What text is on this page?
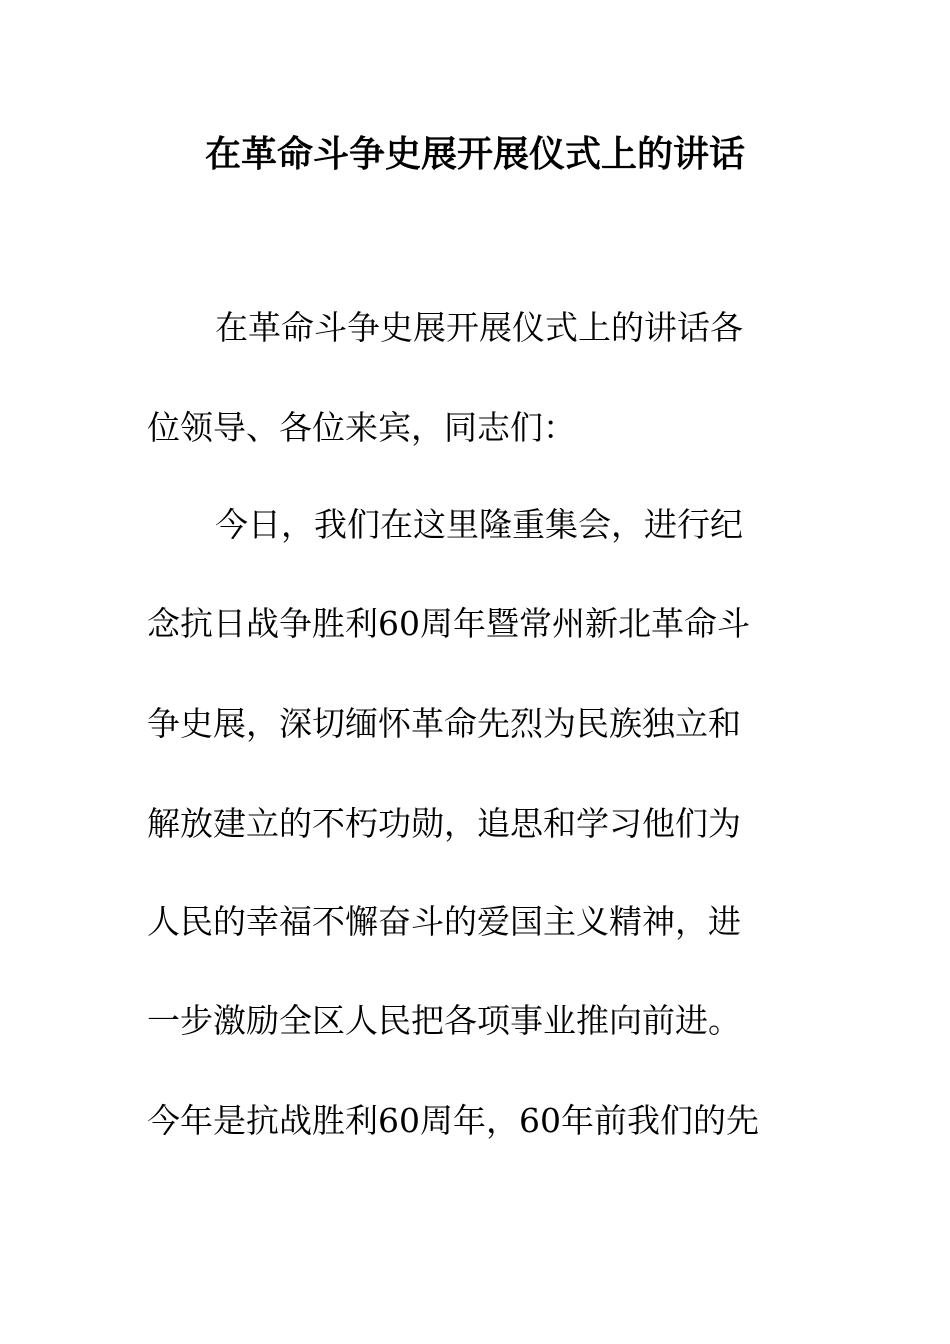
在革命斗争史展开展仪式上的讲话
在革命斗争史展开展仪式上的讲话各
位领导、各位来宾，同志们：
今日，我们在这里隆重集会，进行纪
念抗日战争胜利60周年暨常州新北革命斗
争史展，深切缅怀革命先烈为民族独立和
解放建立的不朽功勋，追思和学习他们为
人民的幸福不懈奋斗的爱国主义精神，进
一步激励全区人民把各项事业推向前进。
今年是抗战胜利60周年，60年前我们的先
